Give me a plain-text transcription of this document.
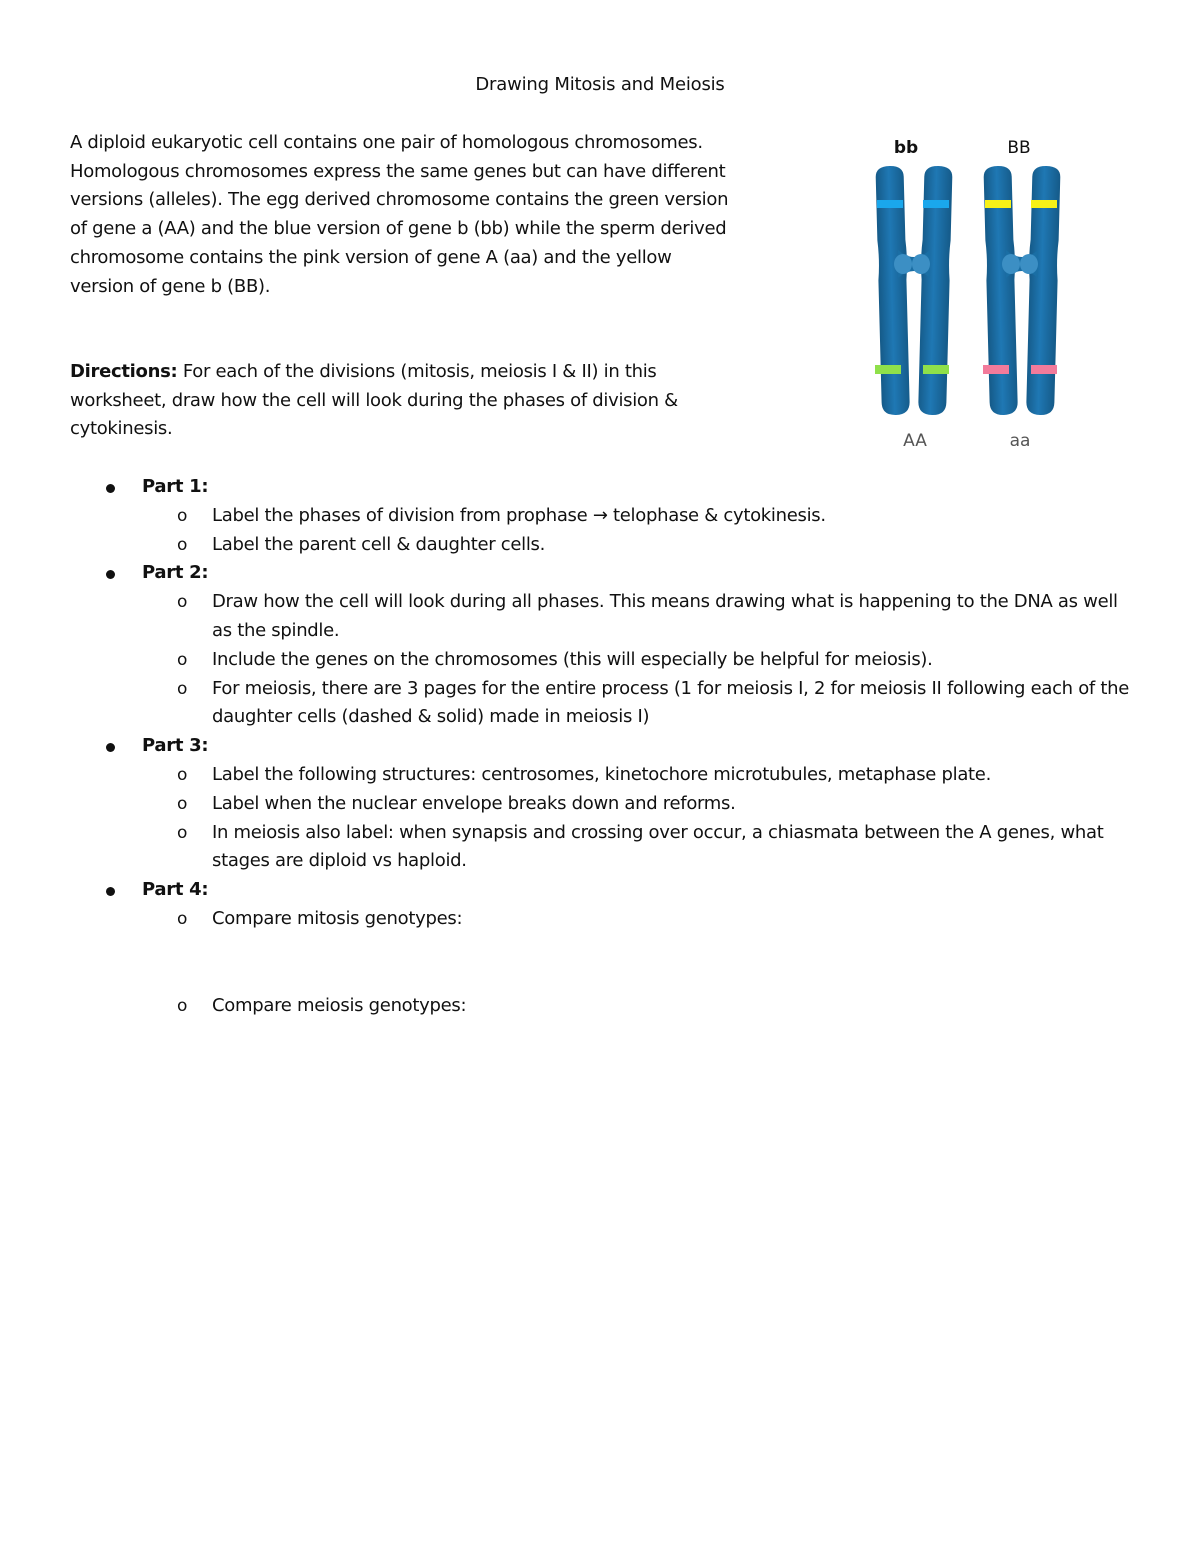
Drawing Mitosis and Meiosis

A diploid eukaryotic cell contains one pair of homologous chromosomes.

Homologous chromosomes express the same genes but can have different

versions (alleles). The egg derived chromosome contains the green version

of gene a (AA) and the blue version of gene b (bb) while the sperm derived

chromosome contains the pink version of gene A (aa) and the yellow

version of gene b (BB).

Directions: For each of the divisions (mitosis, meiosis I & II) in this

worksheet, draw how the cell will look during the phases of division &

cytokinesis.

bb	BB
AA	aa
Part 1:
o	Label the phases of division from prophase → telophase & cytokinesis.
o	Label the parent cell & daughter cells.
Part 2:
o	Draw how the cell will look during all phases. This means drawing what is happening to the DNA as well as the spindle.
o	Include the genes on the chromosomes (this will especially be helpful for meiosis).
o	For meiosis, there are 3 pages for the entire process (1 for meiosis I, 2 for meiosis II following each of the daughter cells (dashed & solid) made in meiosis I)
Part 3:
o	Label the following structures: centrosomes, kinetochore microtubules, metaphase plate.
o	Label when the nuclear envelope breaks down and reforms.
o	In meiosis also label: when synapsis and crossing over occur, a chiasmata between the A genes, what stages are diploid vs haploid.
Part 4:
o	Compare mitosis genotypes:
o	Compare meiosis genotypes:
